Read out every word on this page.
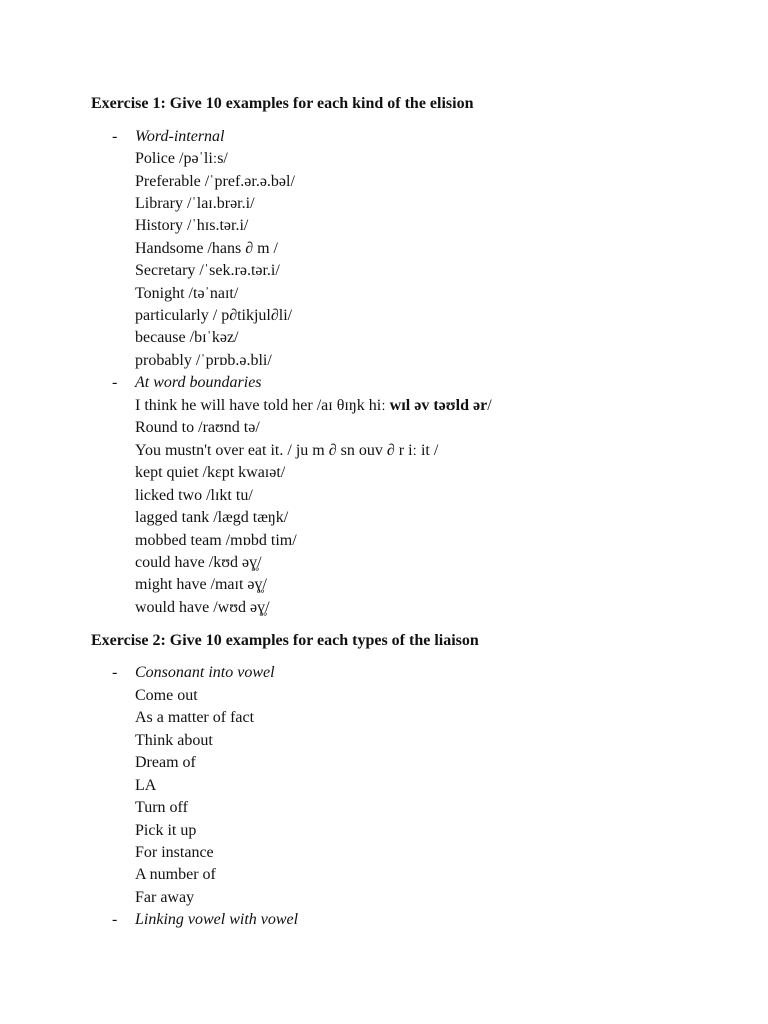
Exercise 1: Give 10 examples for each kind of the elision
- Word-internal
Police /pəˈliːs/
Preferable /ˈpref.ər.ə.bəl/
Library /ˈlaɪ.brər.i/
History /ˈhɪs.tər.i/
Handsome /hans ∂ m /
Secretary /ˈsek.rə.tər.i/
Tonight /təˈnaɪt/
particularly / p∂tikjul∂li/
because /bɪˈkəz/
probably /ˈprɒb.ə.bli/
- At word boundaries
I think he will have told her /aɪ θɪŋk hiː wɪl əv təʊld ər/
Round to /raʊnd tə/
You mustn't over eat it. / ju m ∂ sn ouv ∂ r iː it /
kept quiet /kɛpt kwaɪət/
licked two /lɪkt tu/
lagged tank /lægd tæŋk/
mobbed team /mɒbd tim/
could have /kʊd əɣ̥/
might have /maɪt əɣ̥/
would have /wʊd əɣ̥/
Exercise 2: Give 10 examples for each types of the liaison
- Consonant into vowel
Come out
As a matter of fact
Think about
Dream of
LA
Turn off
Pick it up
For instance
A number of
Far away
- Linking vowel with vowel
